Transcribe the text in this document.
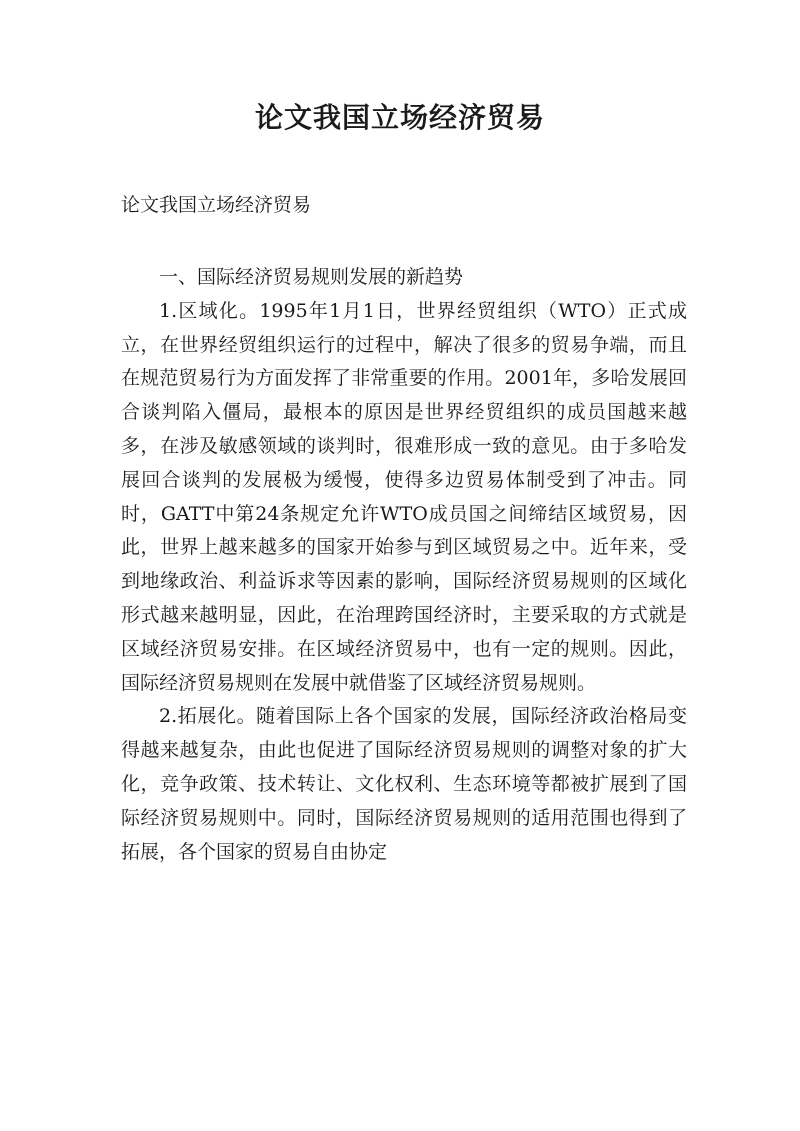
论文我国立场经济贸易

论文我国立场经济贸易

一、国际经济贸易规则发展的新趋势

1.区域化。1995年1月1日，世界经贸组织（WTO）正式成立，在世界经贸组织运行的过程中，解决了很多的贸易争端，而且在规范贸易行为方面发挥了非常重要的作用。2001年，多哈发展回合谈判陷入僵局，最根本的原因是世界经贸组织的成员国越来越多，在涉及敏感领域的谈判时，很难形成一致的意见。由于多哈发展回合谈判的发展极为缓慢，使得多边贸易体制受到了冲击。同时，GATT中第24条规定允许WTO成员国之间缔结区域贸易，因此，世界上越来越多的国家开始参与到区域贸易之中。近年来，受到地缘政治、利益诉求等因素的影响，国际经济贸易规则的区域化形式越来越明显，因此，在治理跨国经济时，主要采取的方式就是区域经济贸易安排。在区域经济贸易中，也有一定的规则。因此，国际经济贸易规则在发展中就借鉴了区域经济贸易规则。

2.拓展化。随着国际上各个国家的发展，国际经济政治格局变得越来越复杂，由此也促进了国际经济贸易规则的调整对象的扩大化，竞争政策、技术转让、文化权利、生态环境等都被扩展到了国际经济贸易规则中。同时，国际经济贸易规则的适用范围也得到了拓展，各个国家的贸易自由协定
